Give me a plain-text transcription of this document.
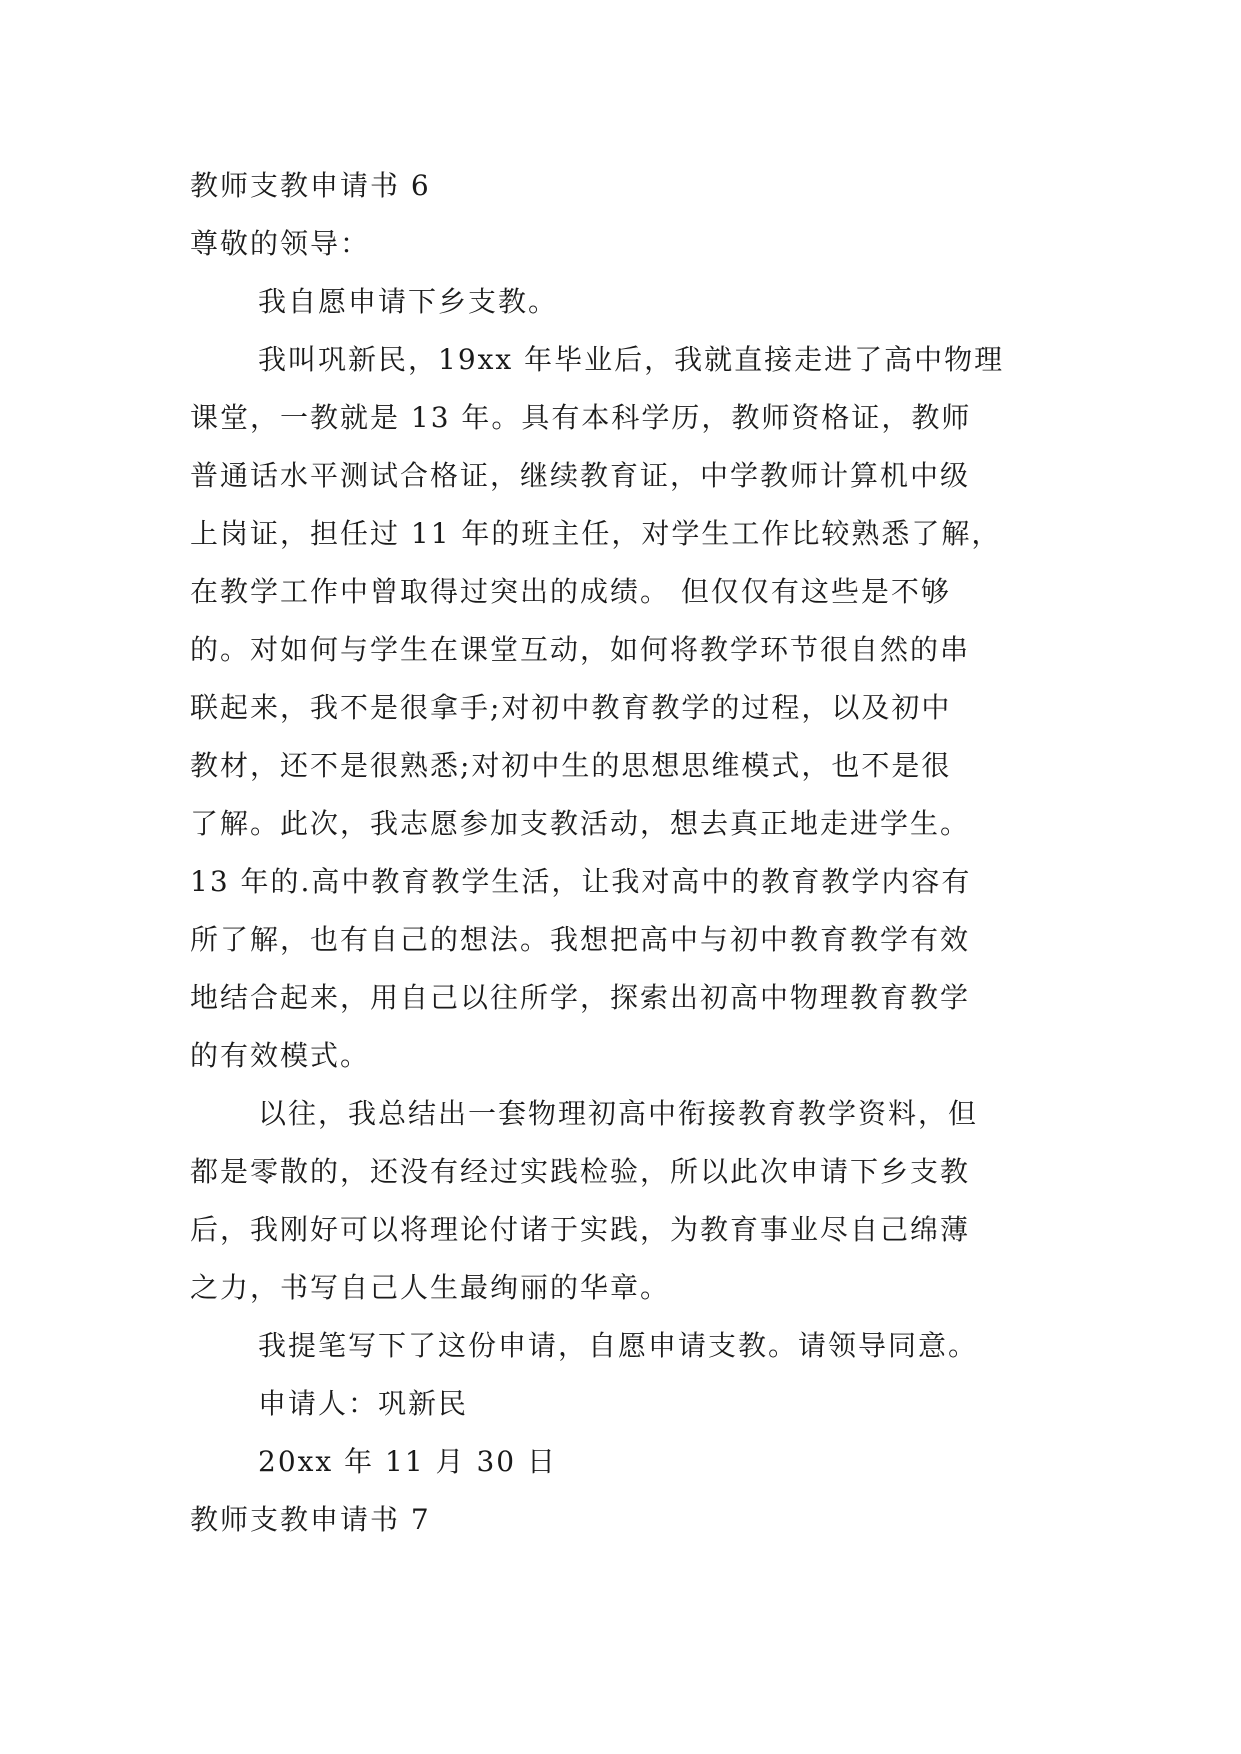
教师支教申请书 6
尊敬的领导：
我自愿申请下乡支教。
我叫巩新民，19xx 年毕业后，我就直接走进了高中物理
课堂，一教就是 13 年。具有本科学历，教师资格证，教师
普通话水平测试合格证，继续教育证，中学教师计算机中级
上岗证，担任过 11 年的班主任，对学生工作比较熟悉了解，
在教学工作中曾取得过突出的成绩。 但仅仅有这些是不够
的。对如何与学生在课堂互动，如何将教学环节很自然的串
联起来，我不是很拿手;对初中教育教学的过程，以及初中
教材，还不是很熟悉;对初中生的思想思维模式，也不是很
了解。此次，我志愿参加支教活动，想去真正地走进学生。
13 年的.高中教育教学生活，让我对高中的教育教学内容有
所了解，也有自己的想法。我想把高中与初中教育教学有效
地结合起来，用自己以往所学，探索出初高中物理教育教学
的有效模式。
以往，我总结出一套物理初高中衔接教育教学资料，但
都是零散的，还没有经过实践检验，所以此次申请下乡支教
后，我刚好可以将理论付诸于实践，为教育事业尽自己绵薄
之力，书写自己人生最绚丽的华章。
我提笔写下了这份申请，自愿申请支教。请领导同意。
申请人：巩新民
20xx 年 11 月 30 日
教师支教申请书 7
